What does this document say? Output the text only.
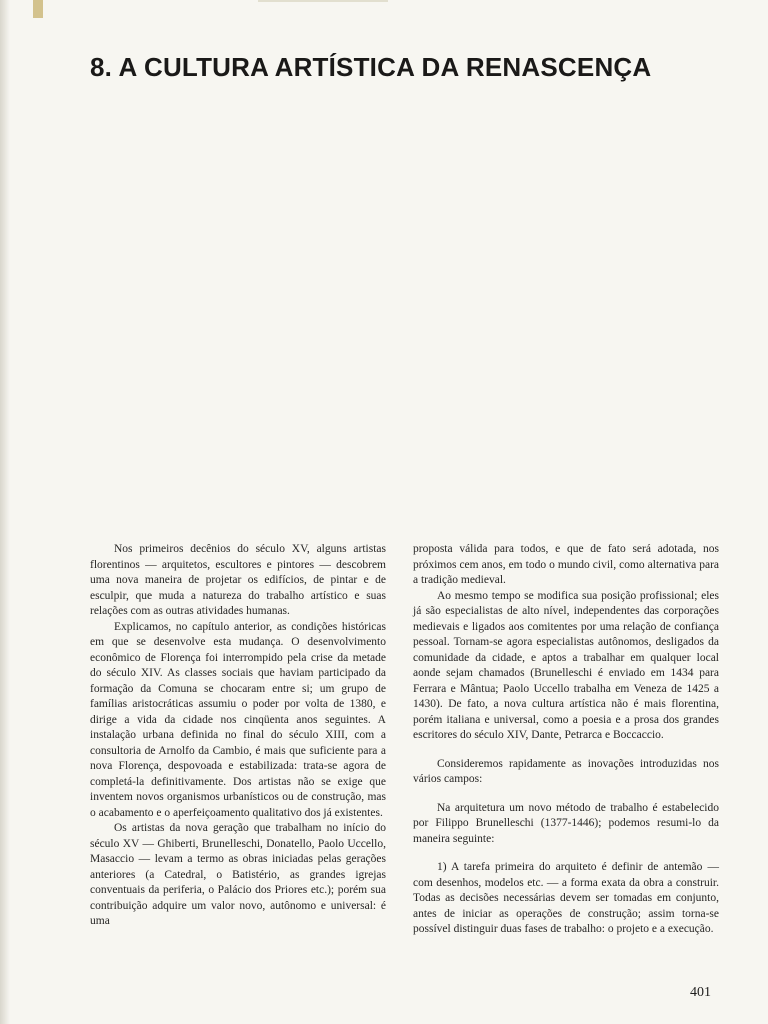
8. A CULTURA ARTÍSTICA DA RENASCENÇA

Nos primeiros decênios do século XV, alguns artistas florentinos — arquitetos, escultores e pintores — descobrem uma nova maneira de projetar os edifícios, de pintar e de esculpir, que muda a natureza do trabalho artístico e suas relações com as outras atividades humanas.

Explicamos, no capítulo anterior, as condições históricas em que se desenvolve esta mudança. O desenvolvimento econômico de Florença foi interrompido pela crise da metade do século XIV. As classes sociais que haviam participado da formação da Comuna se chocaram entre si; um grupo de famílias aristocráticas assumiu o poder por volta de 1380, e dirige a vida da cidade nos cinqüenta anos seguintes. A instalação urbana definida no final do século XIII, com a consultoria de Arnolfo da Cambio, é mais que suficiente para a nova Florença, despovoada e estabilizada: trata-se agora de completá-la definitivamente. Dos artistas não se exige que inventem novos organismos urbanísticos ou de construção, mas o acabamento e o aperfeiçoamento qualitativo dos já existentes.

Os artistas da nova geração que trabalham no início do século XV — Ghiberti, Brunelleschi, Donatello, Paolo Uccello, Masaccio — levam a termo as obras iniciadas pelas gerações anteriores (a Catedral, o Batistério, as grandes igrejas conventuais da periferia, o Palácio dos Priores etc.); porém sua contribuição adquire um valor novo, autônomo e universal: é uma

proposta válida para todos, e que de fato será adotada, nos próximos cem anos, em todo o mundo civil, como alternativa para a tradição medieval.

Ao mesmo tempo se modifica sua posição profissional; eles já são especialistas de alto nível, independentes das corporações medievais e ligados aos comitentes por uma relação de confiança pessoal. Tornam-se agora especialistas autônomos, desligados da comunidade da cidade, e aptos a trabalhar em qualquer local aonde sejam chamados (Brunelleschi é enviado em 1434 para Ferrara e Mântua; Paolo Uccello trabalha em Veneza de 1425 a 1430). De fato, a nova cultura artística não é mais florentina, porém italiana e universal, como a poesia e a prosa dos grandes escritores do século XIV, Dante, Petrarca e Boccaccio.

Consideremos rapidamente as inovações introduzidas nos vários campos:

Na arquitetura um novo método de trabalho é estabelecido por Filippo Brunelleschi (1377-1446); podemos resumi-lo da maneira seguinte:

1) A tarefa primeira do arquiteto é definir de antemão — com desenhos, modelos etc. — a forma exata da obra a construir. Todas as decisões necessárias devem ser tomadas em conjunto, antes de iniciar as operações de construção; assim torna-se possível distinguir duas fases de trabalho: o projeto e a execução.

401
